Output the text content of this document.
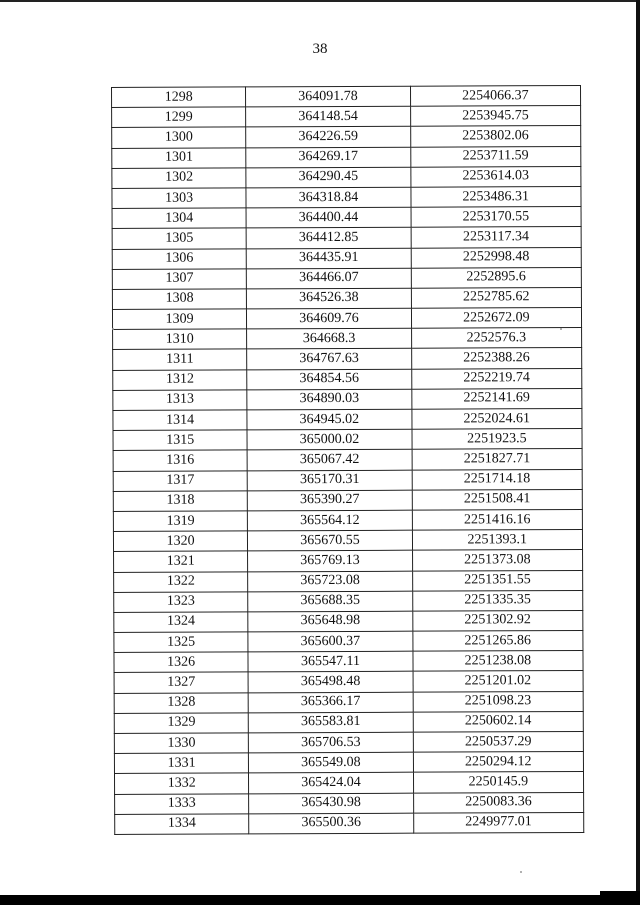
38
1298	364091.78	2254066.37
1299	364148.54	2253945.75
1300	364226.59	2253802.06
1301	364269.17	2253711.59
1302	364290.45	2253614.03
1303	364318.84	2253486.31
1304	364400.44	2253170.55
1305	364412.85	2253117.34
1306	364435.91	2252998.48
1307	364466.07	2252895.6
1308	364526.38	2252785.62
1309	364609.76	2252672.09
1310	364668.3	2252576.3
1311	364767.63	2252388.26
1312	364854.56	2252219.74
1313	364890.03	2252141.69
1314	364945.02	2252024.61
1315	365000.02	2251923.5
1316	365067.42	2251827.71
1317	365170.31	2251714.18
1318	365390.27	2251508.41
1319	365564.12	2251416.16
1320	365670.55	2251393.1
1321	365769.13	2251373.08
1322	365723.08	2251351.55
1323	365688.35	2251335.35
1324	365648.98	2251302.92
1325	365600.37	2251265.86
1326	365547.11	2251238.08
1327	365498.48	2251201.02
1328	365366.17	2251098.23
1329	365583.81	2250602.14
1330	365706.53	2250537.29
1331	365549.08	2250294.12
1332	365424.04	2250145.9
1333	365430.98	2250083.36
1334	365500.36	2249977.01
